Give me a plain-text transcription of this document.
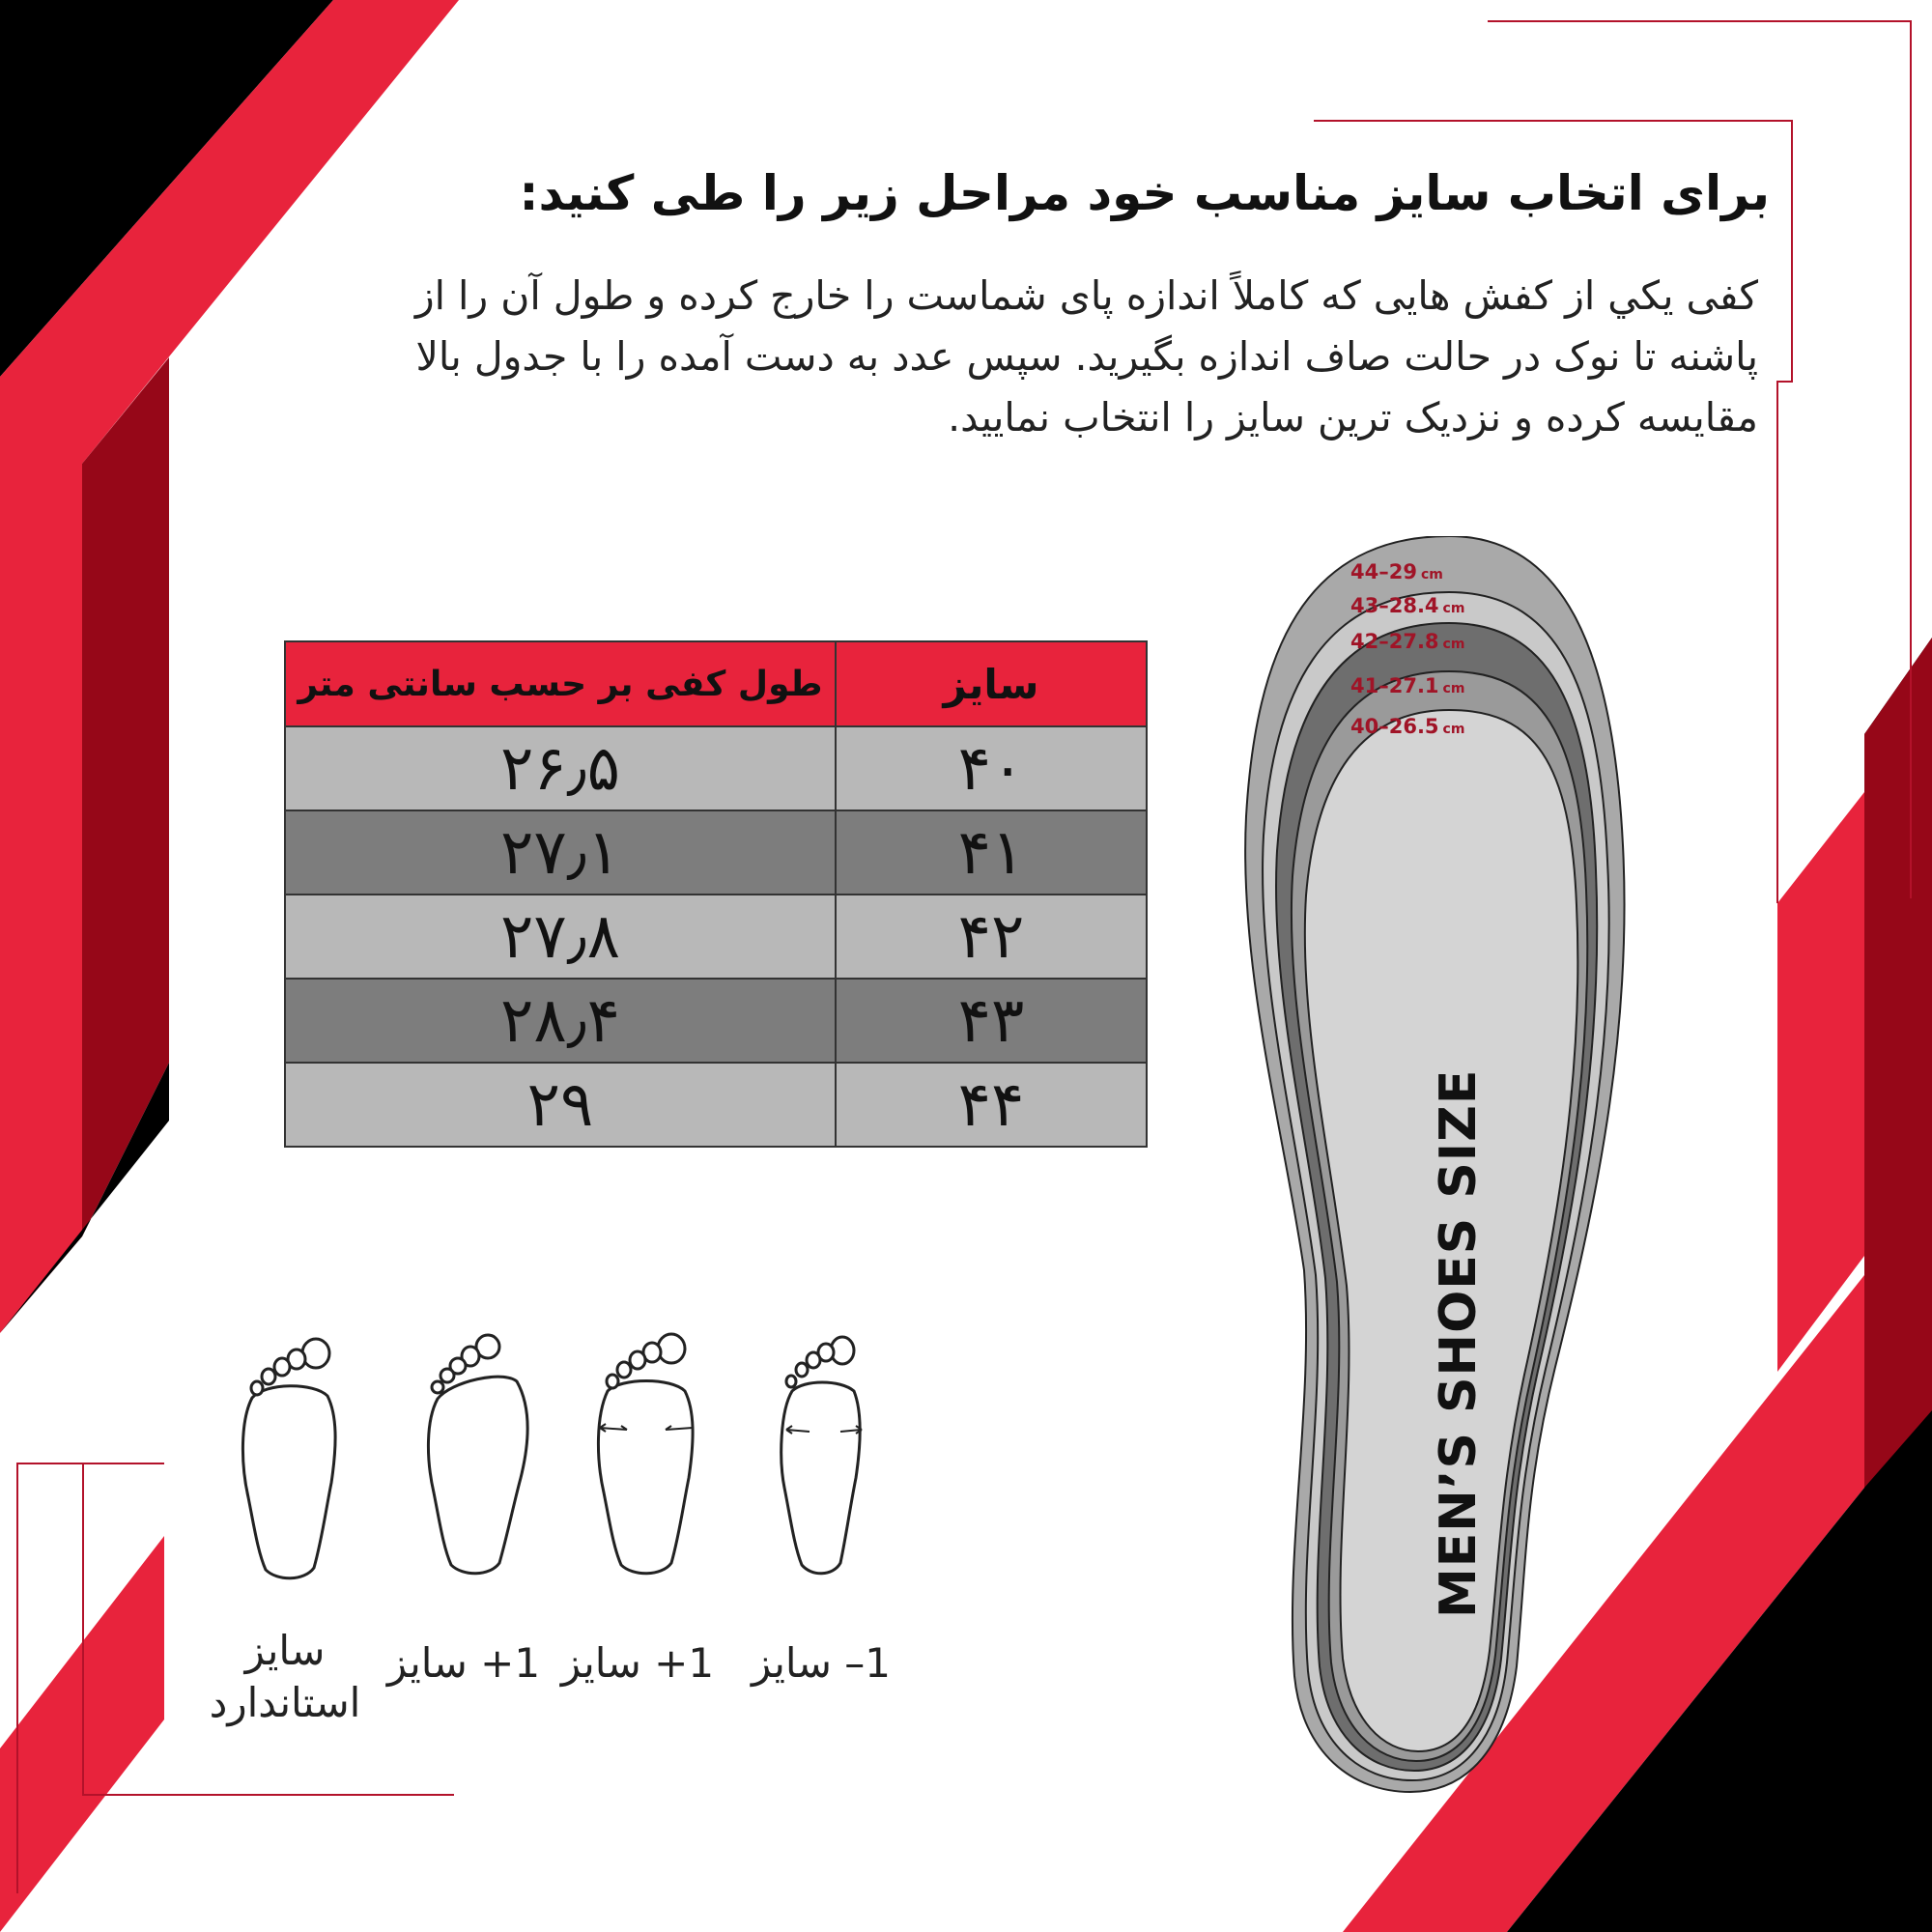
برای اتخاب سایز مناسب خود مراحل زیر را طی کنید:

کفی یکي از کفش هایی که کاملاً اندازه پای شماست را خارج کرده و طول آن را از پاشنه تا نوک در حالت صاف اندازه بگیرید. سپس عدد به دست آمده را با جدول بالا مقایسه کرده و نزدیک ترین سایز را انتخاب نمایید.

سایز	طول کفی بر حسب سانتی متر
۴۰	۲۶٫۵
۴۱	۲۷٫۱
۴۲	۲۷٫۸
۴۳	۲۸٫۴
۴۴	۲۹
1– سایز
1+ سایز
1+ سایز
سایز استاندارد
44–29 cm
43–28.4 cm
42–27.8 cm
41–27.1 cm
40–26.5 cm
MEN’S SHOES SIZE
